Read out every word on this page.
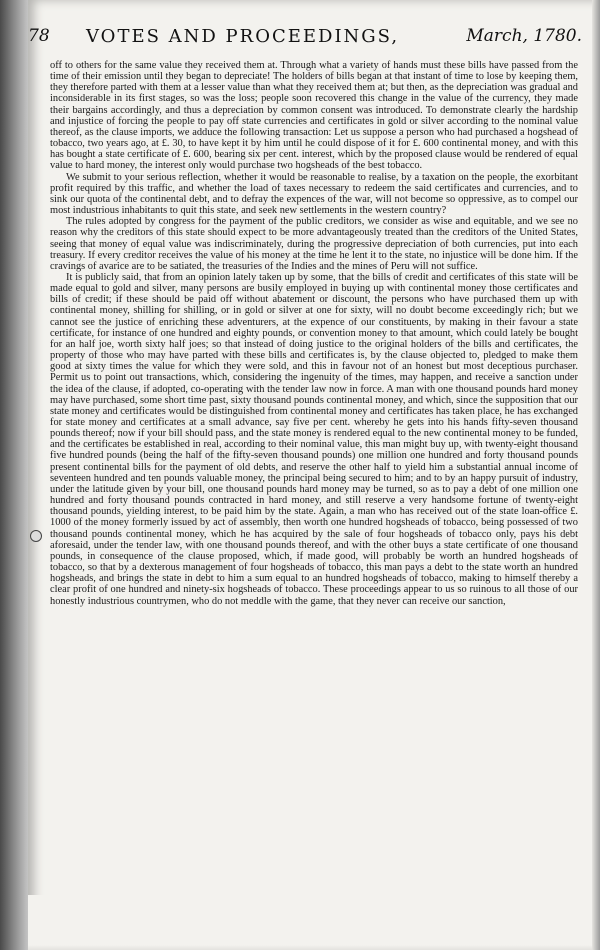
78 VOTES AND PROCEEDINGS,	March, 1780.

off to others for the same value they received them at. Through what a variety of hands must these bills have passed from the time of their emission until they began to depreciate! The holders of bills began at that instant of time to lose by keeping them, they therefore parted with them at a lesser value than what they received them at; but then, as the depreciation was gradual and inconsiderable in its first stages, so was the loss; people soon recovered this change in the value of the currency, they made their bargains accordingly, and thus a depreciation by common consent was introduced. To demonstrate clearly the hardship and injustice of forcing the people to pay off state currencies and certificates in gold or silver according to the nominal value thereof, as the clause imports, we adduce the following transaction: Let us suppose a person who had purchased a hogshead of tobacco, two years ago, at £. 30, to have kept it by him until he could dispose of it for £. 600 continental money, and with this has bought a state certificate of £. 600, bearing six per cent. interest, which by the proposed clause would be rendered of equal value to hard money, the interest only would purchase two hogsheads of the best tobacco.

We submit to your serious reflection, whether it would be reasonable to realise, by a taxation on the people, the exorbitant profit required by this traffic, and whether the load of taxes necessary to redeem the said certificates and currencies, and to sink our quota of the continental debt, and to defray the expences of the war, will not become so oppressive, as to compel our most industrious inhabitants to quit this state, and seek new settlements in the western country?

The rules adopted by congress for the payment of the public creditors, we consider as wise and equitable, and we see no reason why the creditors of this state should expect to be more advantageously treated than the creditors of the United States, seeing that money of equal value was indiscriminately, during the progressive depreciation of both currencies, put into each treasury. If every creditor receives the value of his money at the time he lent it to the state, no injustice will be done him. If the cravings of avarice are to be satiated, the treasuries of the Indies and the mines of Peru will not suffice.

It is publicly said, that from an opinion lately taken up by some, that the bills of credit and certificates of this state will be made equal to gold and silver, many persons are busily employed in buying up with continental money those certificates and bills of credit; if these should be paid off without abatement or discount, the persons who have purchased them up with continental money, shilling for shilling, or in gold or silver at one for sixty, will no doubt become exceedingly rich; but we cannot see the justice of enriching these adventurers, at the expence of our constituents, by making in their favour a state certificate, for instance of one hundred and eighty pounds, or convention money to that amount, which could lately be bought for an half joe, worth sixty half joes; so that instead of doing justice to the original holders of the bills and certificates, the property of those who may have parted with these bills and certificates is, by the clause objected to, pledged to make them good at sixty times the value for which they were sold, and this in favour not of an honest but most deceptious purchaser. Permit us to point out transactions, which, considering the ingenuity of the times, may happen, and receive a sanction under the idea of the clause, if adopted, co-operating with the tender law now in force. A man with one thousand pounds hard money may have purchased, some short time past, sixty thousand pounds continental money, and which, since the supposition that our state money and certificates would be distinguished from continental money and certificates has taken place, he has exchanged for state money and certificates at a small advance, say five per cent. whereby he gets into his hands fifty-seven thousand pounds thereof; now if your bill should pass, and the state money is rendered equal to the new continental money to be funded, and the certificates be established in real, according to their nominal value, this man might buy up, with twenty-eight thousand five hundred pounds (being the half of the fifty-seven thousand pounds) one million one hundred and forty thousand pounds present continental bills for the payment of old debts, and reserve the other half to yield him a substantial annual income of seventeen hundred and ten pounds valuable money, the principal being secured to him; and to by an happy pursuit of industry, under the latitude given by your bill, one thousand pounds hard money may be turned, so as to pay a debt of one million one hundred and forty thousand pounds contracted in hard money, and still reserve a very handsome fortune of twenty-eight thousand pounds, yielding interest, to be paid him by the state. Again, a man who has received out of the state loan-office £. 1000 of the money formerly issued by act of assembly, then worth one hundred hogsheads of tobacco, being possessed of two thousand pounds continental money, which he has acquired by the sale of four hogsheads of tobacco only, pays his debt aforesaid, under the tender law, with one thousand pounds thereof, and with the other buys a state certificate of one thousand pounds, in consequence of the clause proposed, which, if made good, will probably be worth an hundred hogsheads of tobacco, so that by a dexterous management of four hogsheads of tobacco, this man pays a debt to the state worth an hundred hogsheads, and brings the state in debt to him a sum equal to an hundred hogsheads of tobacco, making to himself thereby a clear profit of one hundred and ninety-six hogsheads of tobacco. These proceedings appear to us so ruinous to all those of our honestly industrious countrymen, who do not meddle with the game, that they never can receive our sanction,
